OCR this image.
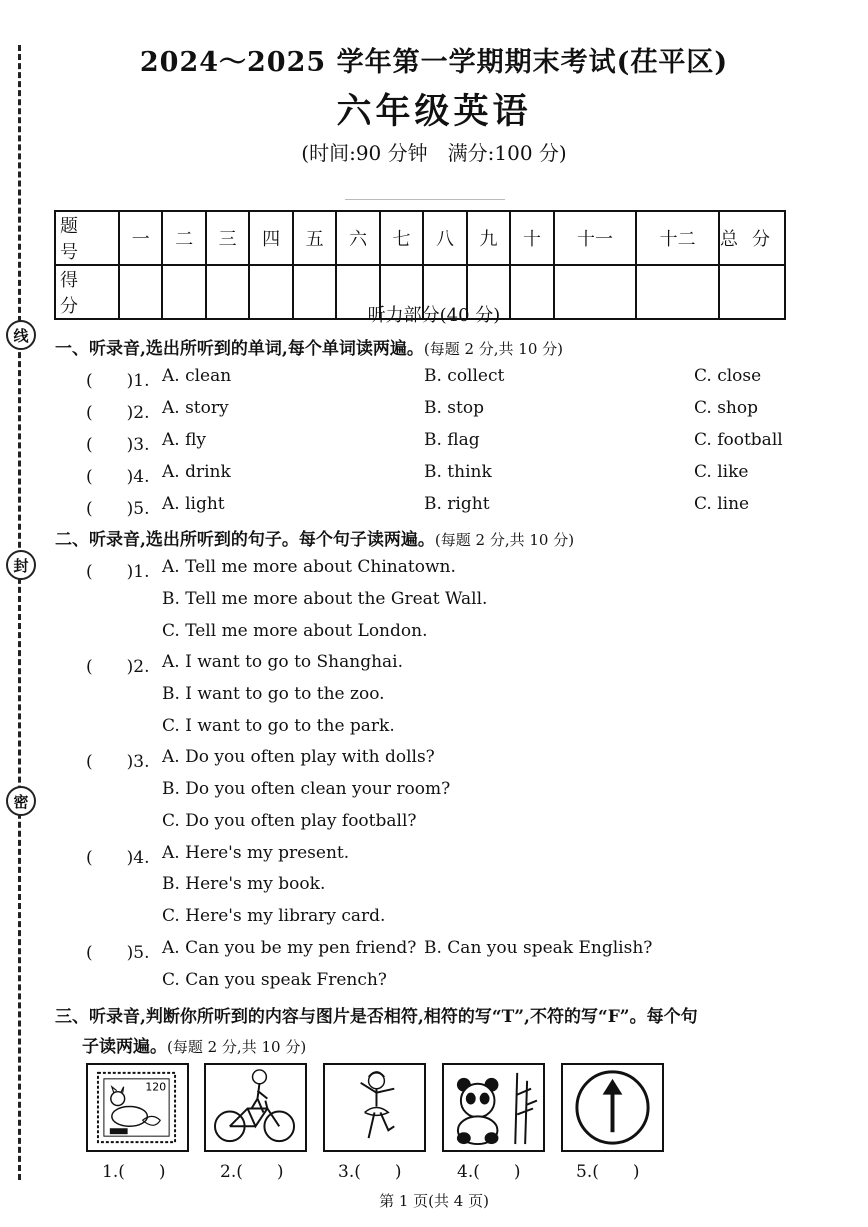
线
封
密
2024～2025 学年第一学期期末考试(茌平区)
六年级英语
(时间:90 分钟　满分:100 分)
题号	一	二	三	四	五	六	七	八	九	十	十一	十二	总分
得分														听力部分(40 分)
一、听录音,选出所听到的单词,每个单词读两遍。(每题 2 分,共 10 分)
(　　)1. A. clean	B. collect	C. close
(　　)2. A. story	B. stop	C. shop
(　　)3. A. fly	B. flag	C. football
(　　)4. A. drink	B. think	C. like
(　　)5. A. light	B. right	C. line
二、听录音,选出所听到的句子。每个句子读两遍。(每题 2 分,共 10 分)
(　　)1. A. Tell me more about Chinatown.
B. Tell me more about the Great Wall.
C. Tell me more about London.
(　　)2. A. I want to go to Shanghai.
B. I want to go to the zoo.
C. I want to go to the park.
(　　)3. A. Do you often play with dolls?
B. Do you often clean your room?
C. Do you often play football?
(　　)4. A. Here's my present.
B. Here's my book.
C. Here's my library card.
(　　)5. A. Can you be my pen friend? B. Can you speak English?
C. Can you speak French?
三、听录音,判断你所听到的内容与图片是否相符,相符的写“T”,不符的写“F”。每个句
子读两遍。(每题 2 分,共 10 分)
120
1.(　　)	2.(　　)	3.(　　)	4.(　　)	5.(　　)
第 1 页(共 4 页)
